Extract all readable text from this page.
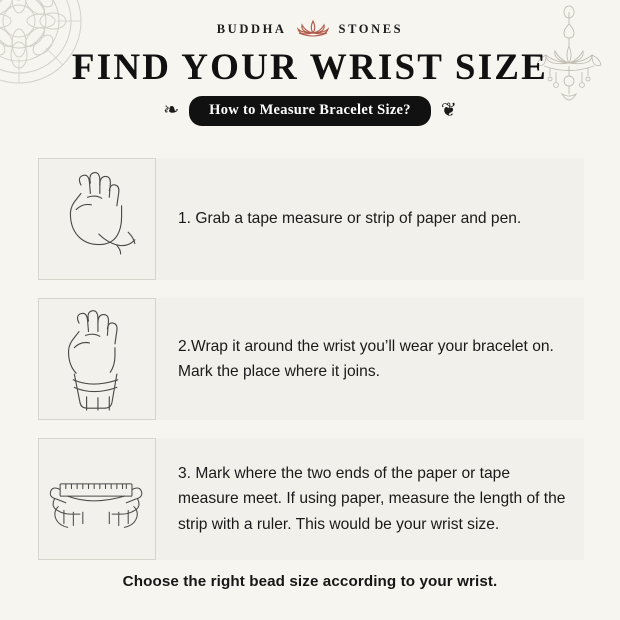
BUDDHA	STONES
FIND YOUR WRIST SIZE
❧	How to Measure Bracelet Size?	❦
1. Grab a tape measure or strip of paper and pen.
2.Wrap it around the wrist you’ll wear your bracelet on. Mark the place where it joins.
3. Mark where the two ends of the paper or tape measure meet. If using paper, measure the length of the strip with a ruler. This would be your wrist size.
Choose the right bead size according to your wrist.
